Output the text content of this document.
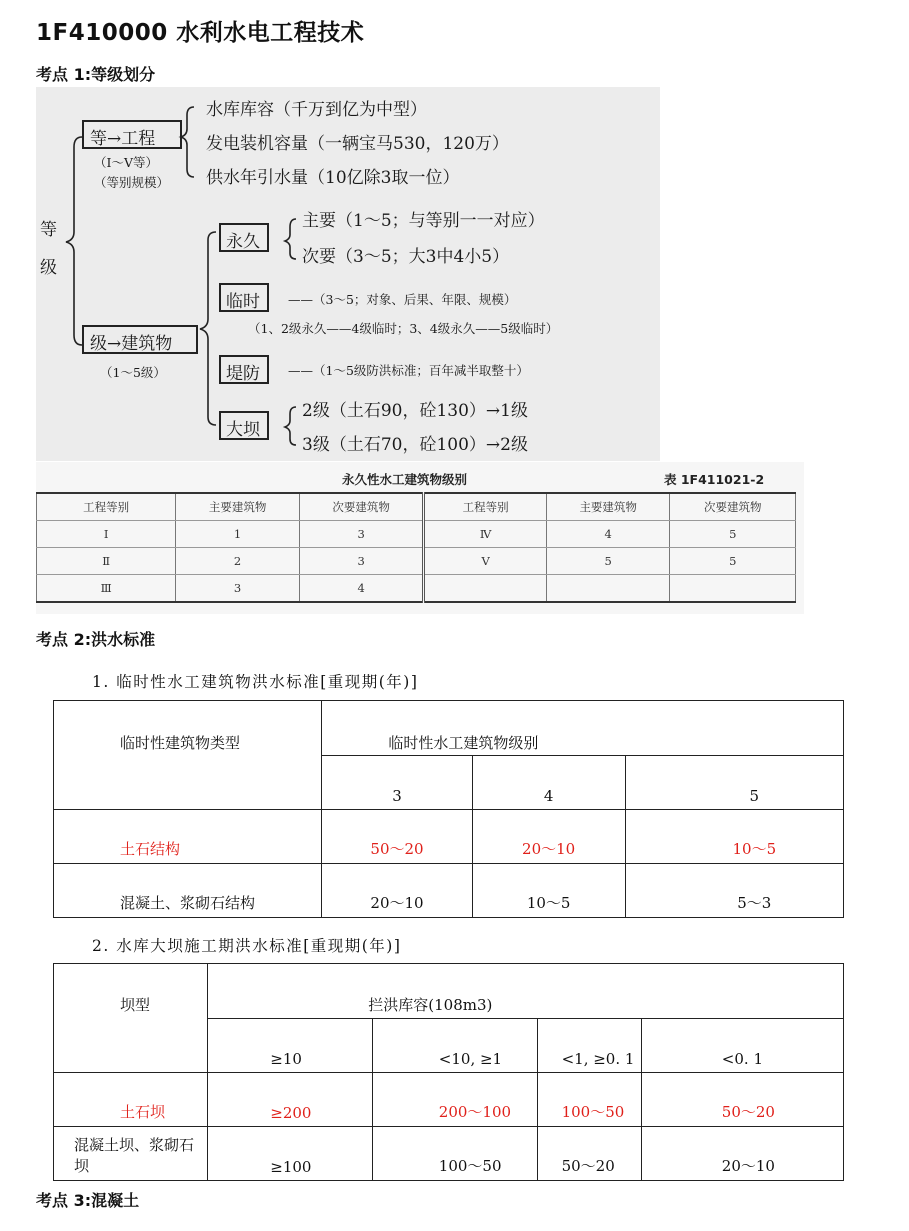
1F410000 水利水电工程技术
考点 1:等级划分
等
级
等→工程
（Ⅰ～Ⅴ等）
（等别规模）
水库库容（千万到亿为中型）
发电装机容量（一辆宝马530，120万）
供水年引水量（10亿除3取一位）
级→建筑物
（1～5级）
永久
主要（1～5；与等别一一对应）
次要（3～5；大3中4小5）
临时 ——（3～5；对象、后果、年限、规模）
（1、2级永久——4级临时；3、4级永久——5级临时）
堤防 ——（1～5级防洪标准；百年减半取整十）
大坝
2级（土石90，砼130）→1级
3级（土石70，砼100）→2级
永久性水工建筑物级别	表 1F411021-2
工程等别	主要建筑物	次要建筑物	工程等别	主要建筑物	次要建筑物
Ⅰ	1	3	Ⅳ	4	5
Ⅱ	2	3	Ⅴ	5	5
Ⅲ	3	4			
考点 2:洪水标准
1. 临时性水工建筑物洪水标准[重现期(年)]
临时性建筑物类型	临时性水工建筑物级别		

	3	4	5
土石结构	50～20	20～10	10～5
混凝土、浆砌石结构	20～10	10～5	5～3
2. 水库大坝施工期洪水标准[重现期(年)]
坝型	拦洪库容(108m3)			

	≥10	<10, ≥1	<1, ≥0. 1	<0. 1
土石坝	≥200	200～100	100～50	50～20
混凝土坝、浆砌石坝	≥100	100～50	50～20	20～10
考点 3:混凝土
